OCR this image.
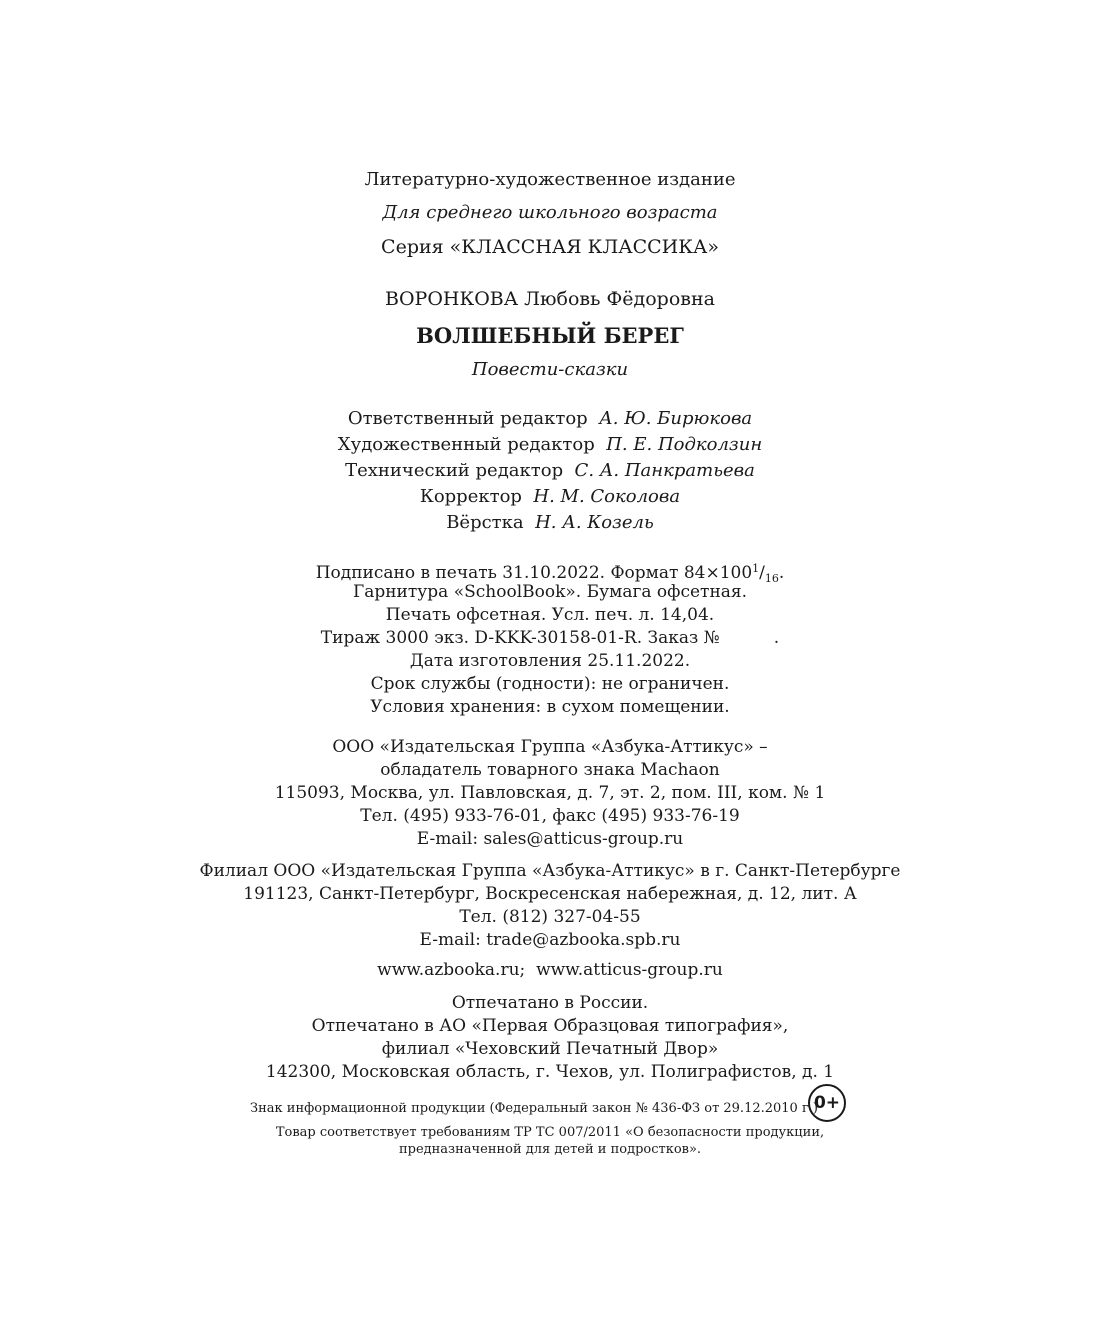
Литературно-художественное издание
Для среднего школьного возраста
Серия «КЛАССНАЯ КЛАССИКА»
ВОРОНКОВА Любовь Фёдоровна
ВОЛШЕБНЫЙ БЕРЕГ
Повести-сказки
Ответственный редактор А. Ю. Бирюкова
Художественный редактор П. Е. Подколзин
Технический редактор С. А. Панкратьева
Корректор Н. М. Соколова
Вёрстка Н. А. Козель
Подписано в печать 31.10.2022. Формат $84\times 100^1/_{16}$.
Гарнитура «SchoolBook». Бумага офсетная.
Печать офсетная. Усл. печ. л. 14,04.
Тираж 3000 экз. D-KKK-30158-01-R. Заказ №	.
Дата изготовления 25.11.2022.
Срок службы (годности): не ограничен.
Условия хранения: в сухом помещении.
ООО «Издательская Группа «Азбука-Аттикус» –
обладатель товарного знака Machaon
115093, Москва, ул. Павловская, д. 7, эт. 2, пом. III, ком. № 1
Тел. (495) 933-76-01, факс (495) 933-76-19
E-mail: sales@atticus-group.ru
Филиал ООО «Издательская Группа «Азбука-Аттикус» в г. Санкт-Петербурге
191123, Санкт-Петербург, Воскресенская набережная, д. 12, лит. А
Тел. (812) 327-04-55
E-mail: trade@azbooka.spb.ru
www.azbooka.ru;  www.atticus-group.ru
Отпечатано в России.
Отпечатано в АО «Первая Образцовая типография»,
филиал «Чеховский Печатный Двор»
142300, Московская область, г. Чехов, ул. Полиграфистов, д. 1
Знак информационной продукции (Федеральный закон № 436-ФЗ от 29.12.2010 г.)
0+
Товар соответствует требованиям ТР ТС 007/2011 «О безопасности продукции,
предназначенной для детей и подростков».
